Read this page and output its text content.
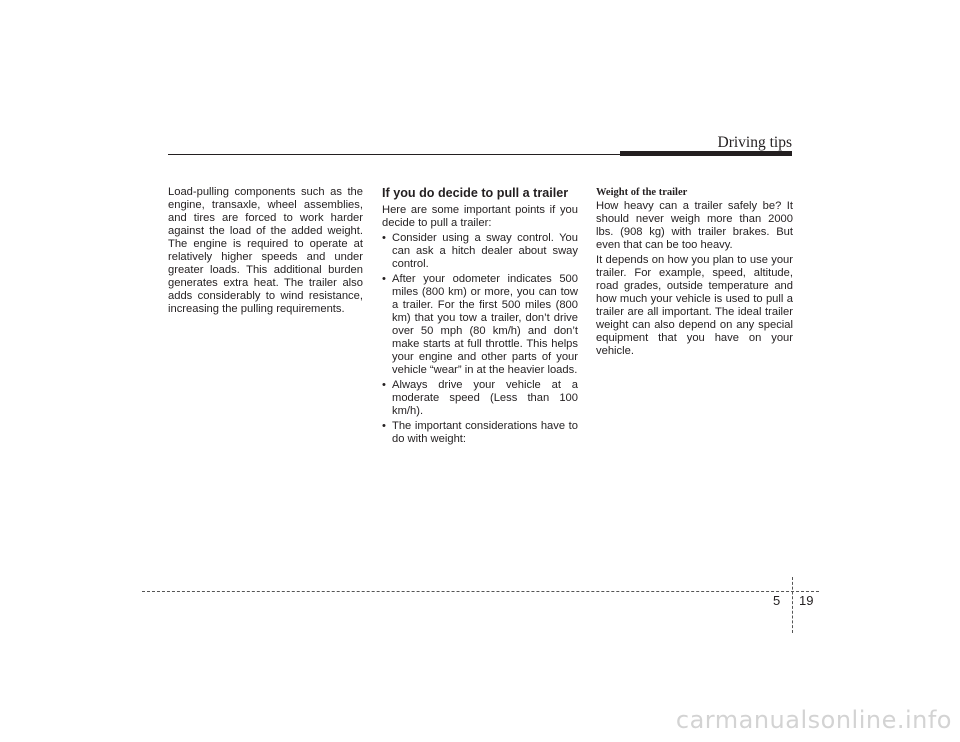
Driving tips

Load-pulling components such as the engine, transaxle, wheel assemblies, and tires are forced to work harder against the load of the added weight. The engine is required to operate at relatively higher speeds and under greater loads. This additional burden generates extra heat. The trailer also adds considerably to wind resistance, increasing the pulling requirements.

If you do decide to pull a trailer

Here are some important points if you decide to pull a trailer:

• Consider using a sway control. You can ask a hitch dealer about sway control.
• After your odometer indicates 500 miles (800 km) or more, you can tow a trailer. For the first 500 miles (800 km) that you tow a trailer, don’t drive over 50 mph (80 km/h) and don’t make starts at full throttle. This helps your engine and other parts of your vehicle “wear” in at the heavier loads.
• Always drive your vehicle at a moderate speed (Less than 100 km/h).
• The important considerations have to do with weight:
Weight of the trailer

How heavy can a trailer safely be? It should never weigh more than 2000 lbs. (908 kg) with trailer brakes. But even that can be too heavy.

It depends on how you plan to use your trailer. For example, speed, altitude, road grades, outside temperature and how much your vehicle is used to pull a trailer are all important. The ideal trailer weight can also depend on any special equipment that you have on your vehicle.

5 19
carmanualsonline.info
